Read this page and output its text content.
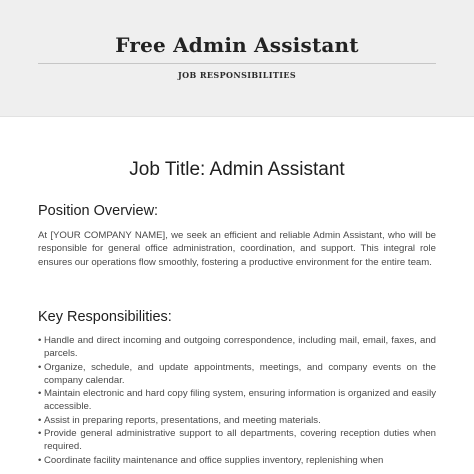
Free Admin Assistant
JOB RESPONSIBILITIES
Job Title: Admin Assistant
Position Overview:

At [YOUR COMPANY NAME], we seek an efficient and reliable Admin Assistant, who will be responsible for general office administration, coordination, and support. This integral role ensures our operations flow smoothly, fostering a productive environment for the entire team.

Key Responsibilities:
• Handle and direct incoming and outgoing correspondence, including mail, email, faxes, and parcels.
• Organize, schedule, and update appointments, meetings, and company events on the company calendar.
• Maintain electronic and hard copy filing system, ensuring information is organized and easily accessible.
• Assist in preparing reports, presentations, and meeting materials.
• Provide general administrative support to all departments, covering reception duties when required.
• Coordinate facility maintenance and office supplies inventory, replenishing when
